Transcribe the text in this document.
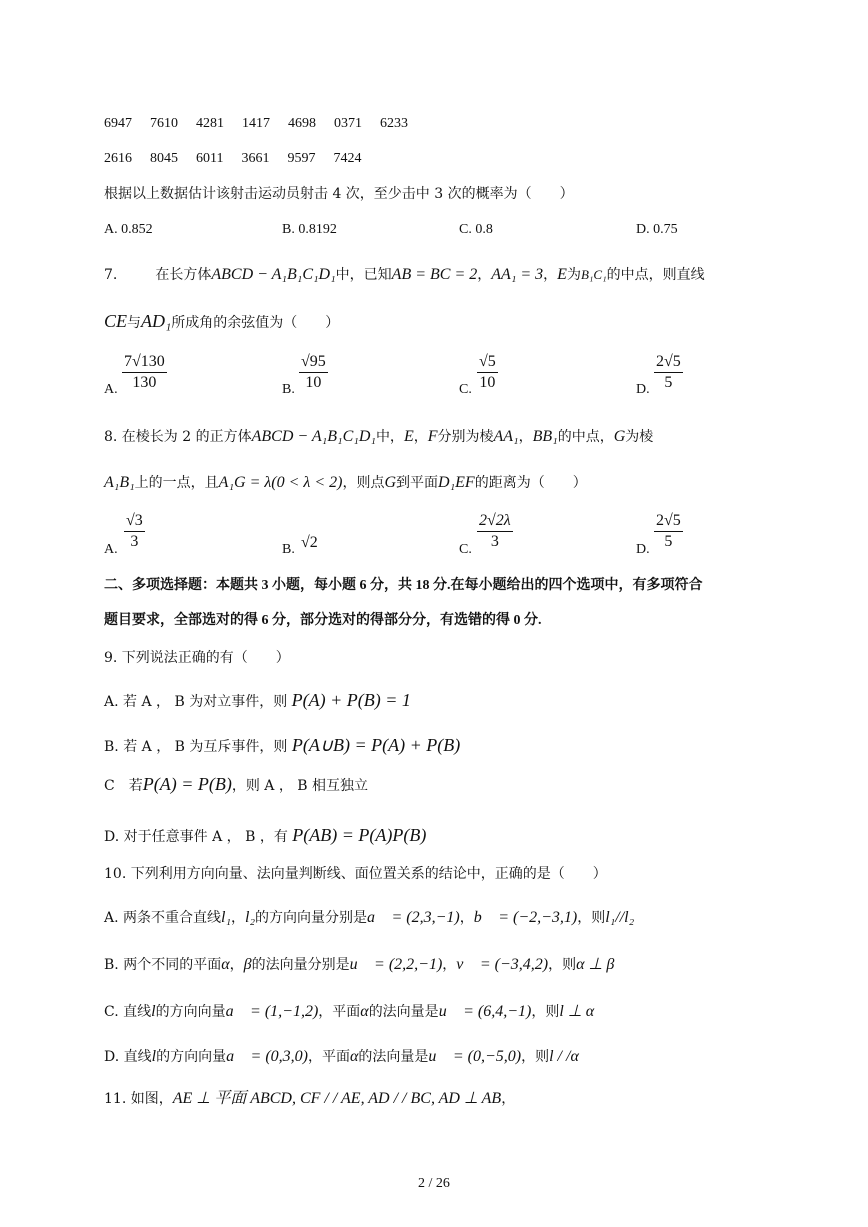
6947 7610 4281 1417 4698 0371 6233
2616 8045 6011 3661 9597 7424
根据以上数据估计该射击运动员射击 4 次，至少击中 3 次的概率为（　　）
A. 0.852	B. 0.8192	C. 0.8	D. 0.75
7.	在长方体ABCD − A₁B₁C₁D₁中，已知AB = BC = 2，AA₁ = 3，E为B₁C₁的中点，则直线
CE与AD₁所成角的余弦值为（　　）
A. $\frac{7√130}{130}$	B. $\frac{√95}{10}$	C. $\frac{√5}{10}$	D. $\frac{2√5}{5}$
8. 在棱长为 2 的正方体ABCD − A₁B₁C₁D₁中，E，F分别为棱AA₁，BB₁的中点，G为棱
A₁B₁上的一点，且A₁G = λ(0 < λ < 2)，则点G到平面D₁EF的距离为（　　）
A. $\frac{√3}{3}$	B. √2	C. $\frac{2√2\lambda}{3}$	D. $\frac{2√5}{5}$
二、多项选择题：本题共 3 小题，每小题 6 分，共 18 分.在每小题给出的四个选项中，有多项符合
题目要求，全部选对的得 6 分，部分选对的得部分分，有选错的得 0 分.
9. 下列说法正确的有（　　）
A. 若 A ， B 为对立事件，则 P(A) + P(B) = 1
B. 若 A ， B 为互斥事件，则 P(A∪B) = P(A) + P(B)
C 若P(A) = P(B)，则 A ， B 相互独立
D. 对于任意事件 A ， B ，有 P(AB) = P(A)P(B)
10. 下列利用方向向量、法向量判断线、面位置关系的结论中，正确的是（　　）
A. 两条不重合直线l₁，l₂的方向向量分别是a⃗ = (2,3,−1)，b⃗ = (−2,−3,1)，则l₁//l₂
B. 两个不同的平面α，β的法向量分别是u⃗ = (2,2,−1)，v⃗ = (−3,4,2)，则α ⊥ β
C. 直线l的方向向量a⃗ = (1,−1,2)，平面α的法向量是u⃗ = (6,4,−1)，则l ⊥ α
D. 直线l的方向向量a⃗ = (0,3,0)，平面α的法向量是u⃗ = (0,−5,0)，则l / /α
11. 如图，AE ⊥ 平面 ABCD, CF / / AE, AD / / BC, AD ⊥ AB，
2 / 26
